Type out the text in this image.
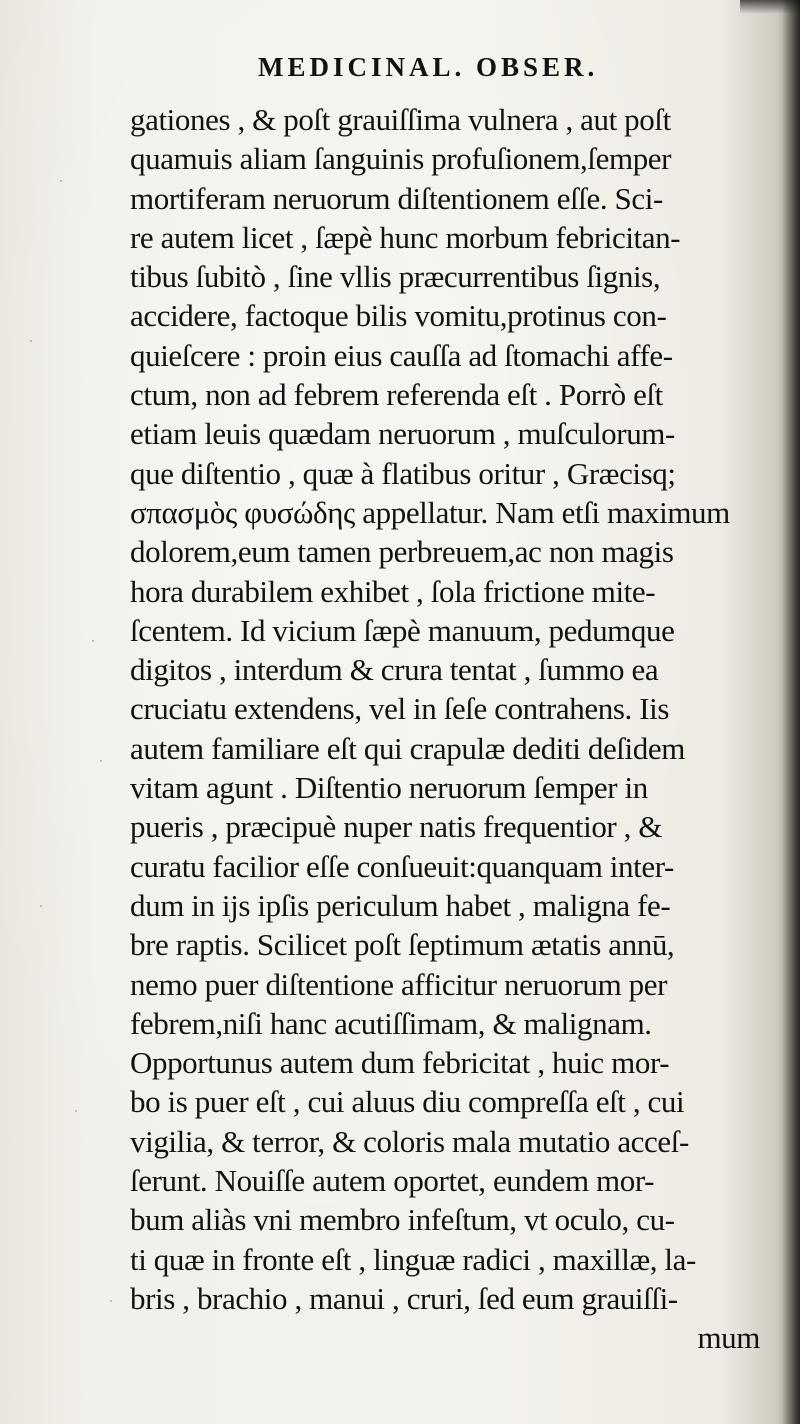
MEDICINAL. OBSER.
gationes , & poſt grauiſſima vulnera , aut poſt
quamuis aliam ſanguinis profuſionem,ſemper
mortiferam neruorum diſtentionem eſſe. Sci-
re autem licet , ſæpè hunc morbum febricitan-
tibus ſubitò , ſine vllis præcurrentibus ſignis,
accidere, factoque bilis vomitu,protinus con-
quieſcere : proin eius cauſſa ad ſtomachi affe-
ctum, non ad febrem referenda eſt . Porrò eſt
etiam leuis quædam neruorum , muſculorum-
que diſtentio , quæ à flatibus oritur , Græcisq;
σπασμὸς φυσώδης appellatur. Nam etſi maximum
dolorem,eum tamen perbreuem,ac non magis
hora durabilem exhibet , ſola frictione mite-
ſcentem. Id vicium ſæpè manuum, pedumque
digitos , interdum & crura tentat , ſummo ea
cruciatu extendens, vel in ſeſe contrahens. Iis
autem familiare eſt qui crapulæ dediti deſidem
vitam agunt . Diſtentio neruorum ſemper in
pueris , præcipuè nuper natis frequentior , &
curatu facilior eſſe conſueuit:quanquam inter-
dum in ijs ipſis periculum habet , maligna fe-
bre raptis. Scilicet poſt ſeptimum ætatis annū,
nemo puer diſtentione afficitur neruorum per
febrem,niſi hanc acutiſſimam, & malignam.
Opportunus autem dum febricitat , huic mor-
bo is puer eſt , cui aluus diu compreſſa eſt , cui
vigilia, & terror, & coloris mala mutatio acceſ-
ſerunt. Nouiſſe autem oportet, eundem mor-
bum aliàs vni membro infeſtum, vt oculo, cu-
ti quæ in fronte eſt , linguæ radici , maxillæ, la-
bris , brachio , manui , cruri, ſed eum grauiſſi-
mum
